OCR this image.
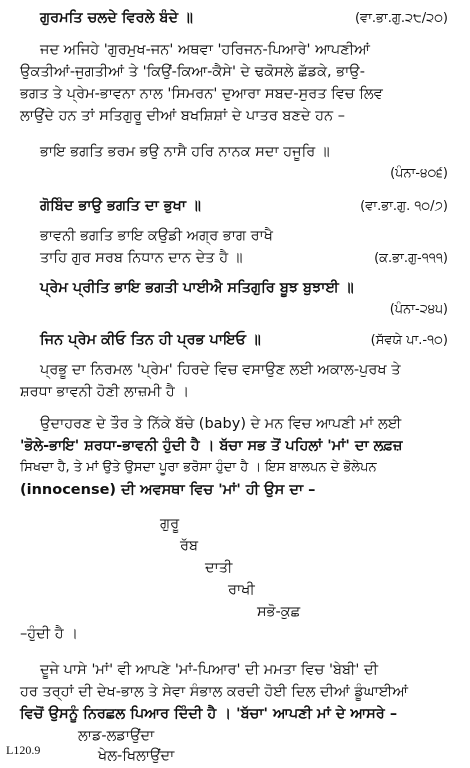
ਗੁਰਮਤਿ ਚਲਦੇ ਵਿਰਲੇ ਬੰਦੇ ॥	(ਵਾ.ਭਾ.ਗੁ.੨੮/੨੦)
ਜਦ ਅਜਿਹੇ 'ਗੁਰਮੁਖ-ਜਨ' ਅਥਵਾ 'ਹਰਿਜਨ-ਪਿਆਰੇ' ਆਪਣੀਆਂ
ਉਕਤੀਆਂ-ਜੁਗਤੀਆਂ ਤੇ 'ਕਿਉਂ-ਕਿਆ-ਕੈਸੇ' ਦੇ ਢਕੋਸਲੇ ਛੱਡਕੇ, ਭਾਉ-
ਭਗਤ ਤੇ ਪ੍ਰੇਮ-ਭਾਵਨਾ ਨਾਲ 'ਸਿਮਰਨ' ਦੁਆਰਾ ਸਬਦ-ਸੁਰਤ ਵਿਚ ਲਿਵ
ਲਾਉਂਦੇ ਹਨ ਤਾਂ ਸਤਿਗੁਰੂ ਦੀਆਂ ਬਖਸ਼ਿਸ਼ਾਂ ਦੇ ਪਾਤਰ ਬਣਦੇ ਹਨ –
ਭਾਇ ਭਗਤਿ ਭਰਮ ਭਉ ਨਾਸੈ ਹਰਿ ਨਾਨਕ ਸਦਾ ਹਜੂਰਿ ॥
(ਪੰਨਾ-੪੦੬)
ਗੋਬਿੰਦ ਭਾਉ ਭਗਤਿ ਦਾ ਭੁਖਾ ॥	(ਵਾ.ਭਾ.ਗੁ. ੧੦/੭)
ਭਾਵਨੀ ਭਗਤਿ ਭਾਇ ਕਉਡੀ ਅਗ੍ਰ ਭਾਗ ਰਾਖੈ
ਤਾਹਿ ਗੁਰ ਸਰਬ ਨਿਧਾਨ ਦਾਨ ਦੇਤ ਹੈ ॥	(ਕ.ਭਾ.ਗੁ-੧੧੧)
ਪ੍ਰੇਮ ਪ੍ਰੀਤਿ ਭਾਇ ਭਗਤੀ ਪਾਈਐ ਸਤਿਗੁਰਿ ਬੂਝ ਬੁਝਾਈ ॥
(ਪੰਨਾ-੨੪੫)
ਜਿਨ ਪ੍ਰੇਮ ਕੀਓ ਤਿਨ ਹੀ ਪ੍ਰਭ ਪਾਇਓ ॥	(ਸੱਵਯੇ ਪਾ.-੧੦)
ਪ੍ਰਭੂ ਦਾ ਨਿਰਮਲ 'ਪ੍ਰੇਮ' ਹਿਰਦੇ ਵਿਚ ਵਸਾਉਣ ਲਈ ਅਕਾਲ-ਪੁਰਖ ਤੇ
ਸ਼ਰਧਾ ਭਾਵਨੀ ਹੋਣੀ ਲਾਜ਼ਮੀ ਹੈ ।
ਉਦਾਹਰਣ ਦੇ ਤੌਰ ਤੇ ਨਿੱਕੇ ਬੱਚੇ (baby) ਦੇ ਮਨ ਵਿਚ ਆਪਣੀ ਮਾਂ ਲਈ
'ਭੋਲੇ-ਭਾਇ' ਸ਼ਰਧਾ-ਭਾਵਨੀ ਹੁੰਦੀ ਹੈ । ਬੱਚਾ ਸਭ ਤੋਂ ਪਹਿਲਾਂ 'ਮਾਂ' ਦਾ ਲਫ਼ਜ਼
ਸਿਖਦਾ ਹੈ, ਤੇ ਮਾਂ ਉਤੇ ਉਸਦਾ ਪੂਰਾ ਭਰੋਸਾ ਹੁੰਦਾ ਹੈ । ਇਸ ਬਾਲਪਨ ਦੇ ਭੋਲੇਪਨ
(innocense) ਦੀ ਅਵਸਥਾ ਵਿਚ 'ਮਾਂ' ਹੀ ਉਸ ਦਾ –
ਗੁਰੂ
ਰੱਬ
ਦਾਤੀ
ਰਾਖੀ
ਸਭੋ-ਕੁਛ
–ਹੁੰਦੀ ਹੈ ।
ਦੂਜੇ ਪਾਸੇ 'ਮਾਂ' ਵੀ ਆਪਣੇ 'ਮਾਂ-ਪਿਆਰ' ਦੀ ਮਮਤਾ ਵਿਚ 'ਬੇਬੀ' ਦੀ
ਹਰ ਤਰ੍ਹਾਂ ਦੀ ਦੇਖ-ਭਾਲ ਤੇ ਸੇਵਾ ਸੰਭਾਲ ਕਰਦੀ ਹੋਈ ਦਿਲ ਦੀਆਂ ਡੂੰਘਾਈਆਂ
ਵਿਚੋਂ ਉਸਨੂੰ ਨਿਰਛਲ ਪਿਆਰ ਦਿੰਦੀ ਹੈ । 'ਬੱਚਾ' ਆਪਣੀ ਮਾਂ ਦੇ ਆਸਰੇ –
ਲਾਡ-ਲਡਾਉਂਦਾ
ਖੇਲ-ਖਿਲਾਉਂਦਾ
L120.9
